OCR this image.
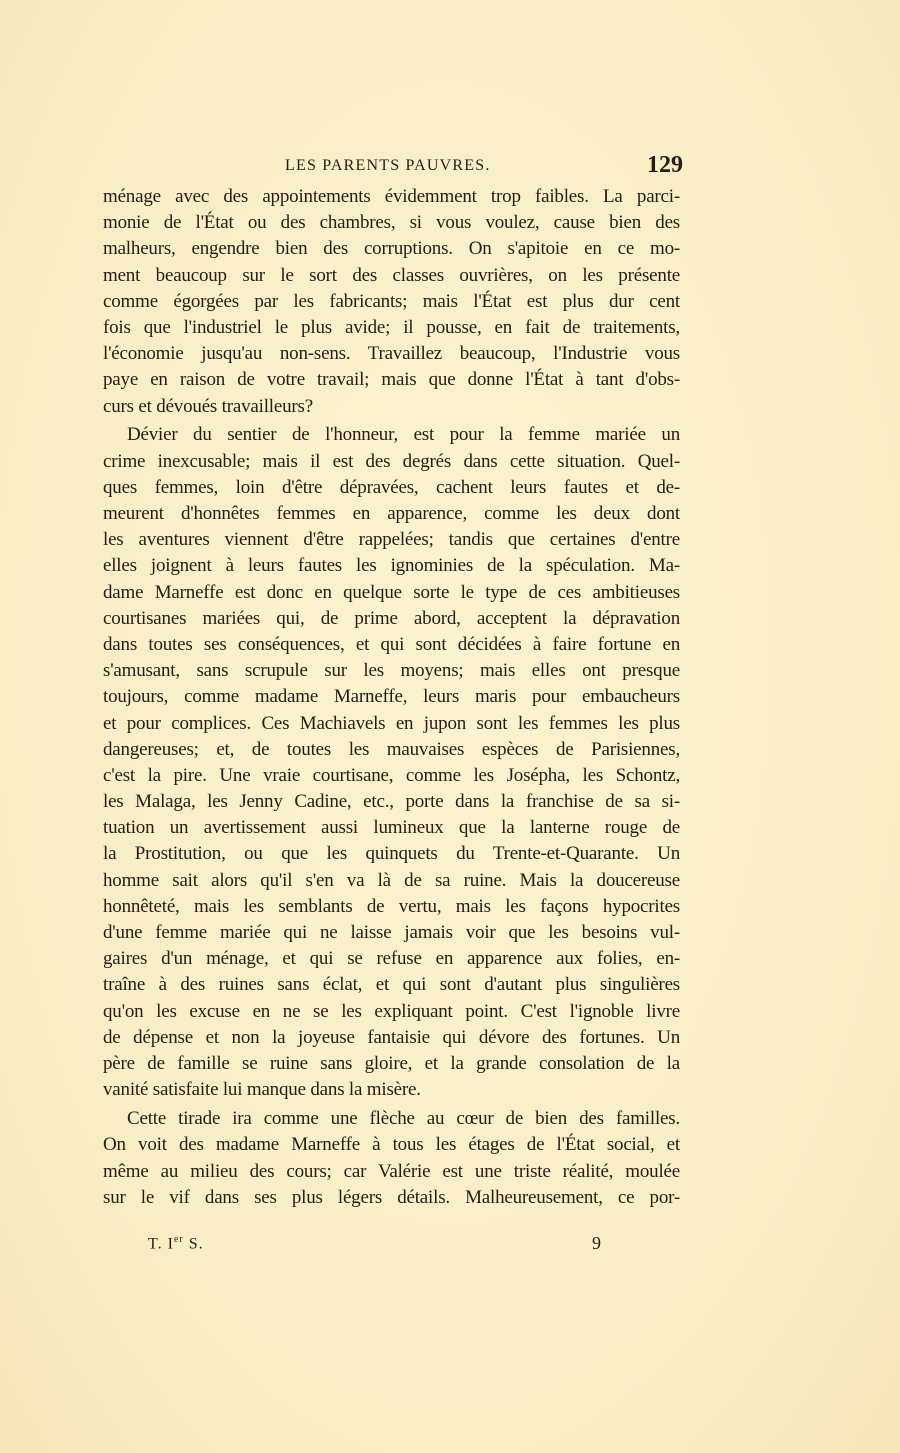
LES PARENTS PAUVRES.	129
ménage avec des appointements évidemment trop faibles. La parci-
monie de l'État ou des chambres, si vous voulez, cause bien des
malheurs, engendre bien des corruptions. On s'apitoie en ce mo-
ment beaucoup sur le sort des classes ouvrières, on les présente
comme égorgées par les fabricants; mais l'État est plus dur cent
fois que l'industriel le plus avide; il pousse, en fait de traitements,
l'économie jusqu'au non-sens. Travaillez beaucoup, l'Industrie vous
paye en raison de votre travail; mais que donne l'État à tant d'obs-
curs et dévoués travailleurs?
Dévier du sentier de l'honneur, est pour la femme mariée un
crime inexcusable; mais il est des degrés dans cette situation. Quel-
ques femmes, loin d'être dépravées, cachent leurs fautes et de-
meurent d'honnêtes femmes en apparence, comme les deux dont
les aventures viennent d'être rappelées; tandis que certaines d'entre
elles joignent à leurs fautes les ignominies de la spéculation. Ma-
dame Marneffe est donc en quelque sorte le type de ces ambitieuses
courtisanes mariées qui, de prime abord, acceptent la dépravation
dans toutes ses conséquences, et qui sont décidées à faire fortune en
s'amusant, sans scrupule sur les moyens; mais elles ont presque
toujours, comme madame Marneffe, leurs maris pour embaucheurs
et pour complices. Ces Machiavels en jupon sont les femmes les plus
dangereuses; et, de toutes les mauvaises espèces de Parisiennes,
c'est la pire. Une vraie courtisane, comme les Josépha, les Schontz,
les Malaga, les Jenny Cadine, etc., porte dans la franchise de sa si-
tuation un avertissement aussi lumineux que la lanterne rouge de
la Prostitution, ou que les quinquets du Trente-et-Quarante. Un
homme sait alors qu'il s'en va là de sa ruine. Mais la doucereuse
honnêteté, mais les semblants de vertu, mais les façons hypocrites
d'une femme mariée qui ne laisse jamais voir que les besoins vul-
gaires d'un ménage, et qui se refuse en apparence aux folies, en-
traîne à des ruines sans éclat, et qui sont d'autant plus singulières
qu'on les excuse en ne se les expliquant point. C'est l'ignoble livre
de dépense et non la joyeuse fantaisie qui dévore des fortunes. Un
père de famille se ruine sans gloire, et la grande consolation de la
vanité satisfaite lui manque dans la misère.
Cette tirade ira comme une flèche au cœur de bien des familles.
On voit des madame Marneffe à tous les étages de l'État social, et
même au milieu des cours; car Valérie est une triste réalité, moulée
sur le vif dans ses plus légers détails. Malheureusement, ce por-
T. Ier S.	9
